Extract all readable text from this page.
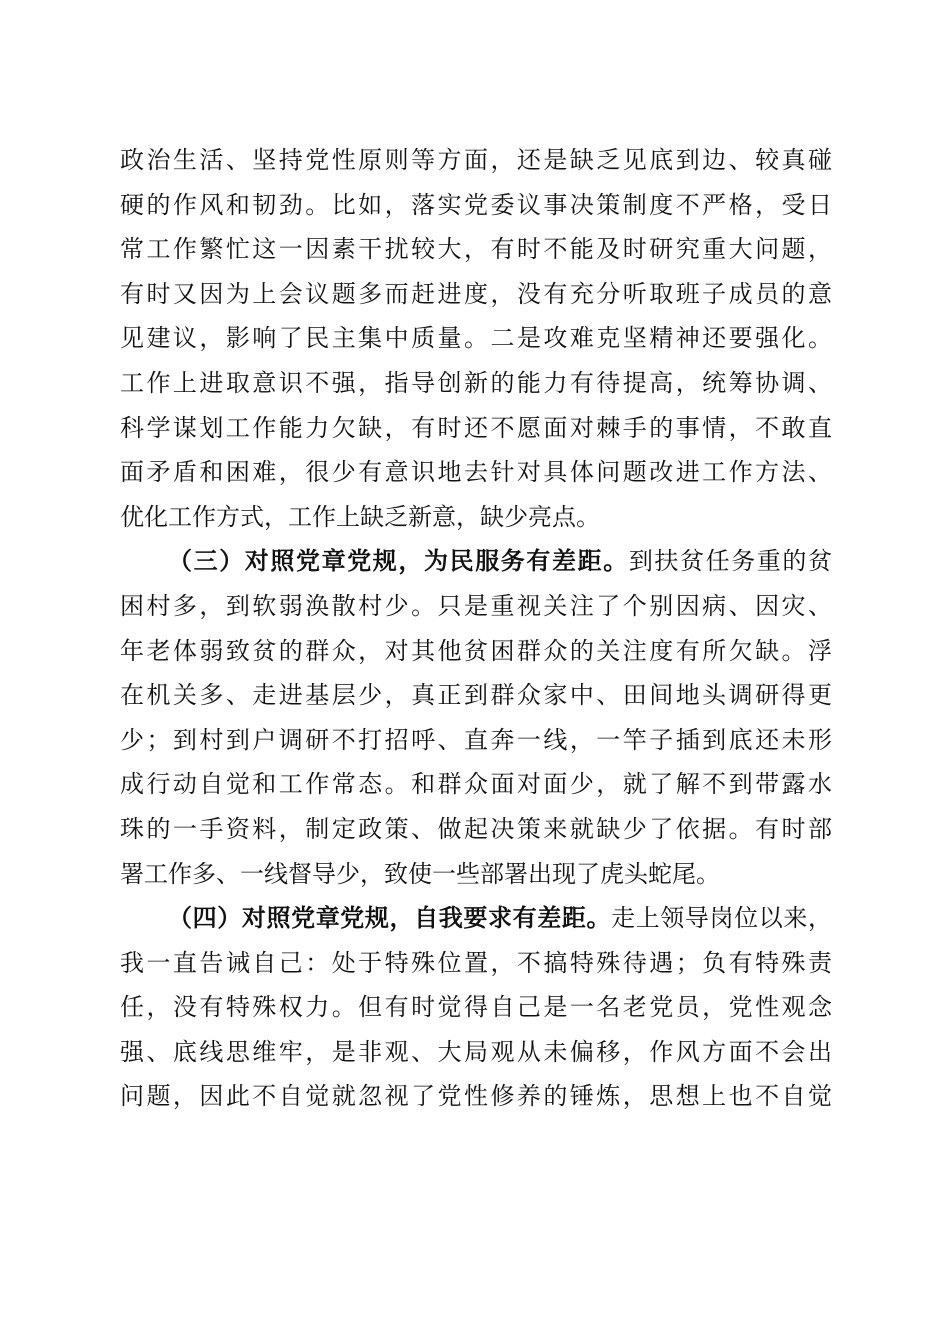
政治生活、坚持党性原则等方面，还是缺乏见底到边、较真碰
硬的作风和韧劲。比如，落实党委议事决策制度不严格，受日
常工作繁忙这一因素干扰较大，有时不能及时研究重大问题，
有时又因为上会议题多而赶进度，没有充分听取班子成员的意
见建议，影响了民主集中质量。二是攻难克坚精神还要强化。
工作上进取意识不强，指导创新的能力有待提高，统筹协调、
科学谋划工作能力欠缺，有时还不愿面对棘手的事情，不敢直
面矛盾和困难，很少有意识地去针对具体问题改进工作方法、
优化工作方式，工作上缺乏新意，缺少亮点。
（三）对照党章党规，为民服务有差距。到扶贫任务重的贫
困村多，到软弱涣散村少。只是重视关注了个别因病、因灾、
年老体弱致贫的群众，对其他贫困群众的关注度有所欠缺。浮
在机关多、走进基层少，真正到群众家中、田间地头调研得更
少；到村到户调研不打招呼、直奔一线，一竿子插到底还未形
成行动自觉和工作常态。和群众面对面少，就了解不到带露水
珠的一手资料，制定政策、做起决策来就缺少了依据。有时部
署工作多、一线督导少，致使一些部署出现了虎头蛇尾。
（四）对照党章党规，自我要求有差距。走上领导岗位以来，
我一直告诫自己：处于特殊位置，不搞特殊待遇；负有特殊责
任，没有特殊权力。但有时觉得自己是一名老党员，党性观念
强、底线思维牢，是非观、大局观从未偏移，作风方面不会出
问题，因此不自觉就忽视了党性修养的锤炼，思想上也不自觉
